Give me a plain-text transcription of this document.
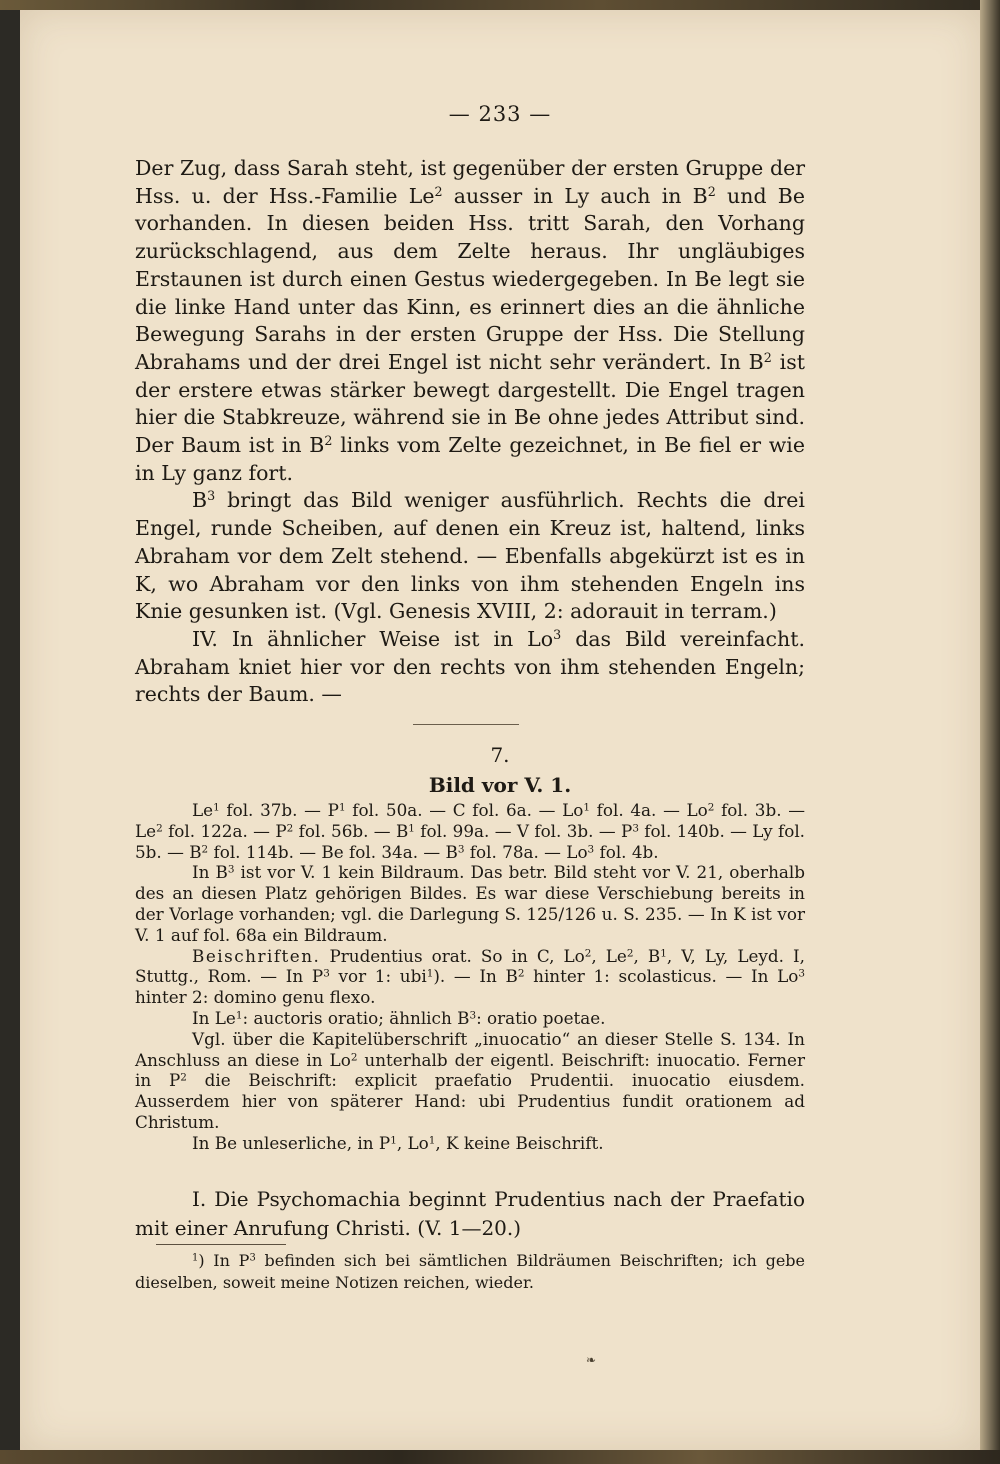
— 233 —

Der Zug, dass Sarah steht, ist gegenüber der ersten Gruppe der Hss. u. der Hss.-Familie Le$^2$ ausser in Ly auch in $B^2$ und Be vorhanden. In diesen beiden Hss. tritt Sarah, den Vorhang zurückschlagend, aus dem Zelte heraus. Ihr ungläubiges Erstaunen ist durch einen Gestus wiedergegeben. In Be legt sie die linke Hand unter das Kinn, es erinnert dies an die ähnliche Bewegung Sarahs in der ersten Gruppe der Hss. Die Stellung Abrahams und der drei Engel ist nicht sehr verändert. In $B^2$ ist der erstere etwas stärker bewegt dargestellt. Die Engel tragen hier die Stabkreuze, während sie in Be ohne jedes Attribut sind. Der Baum ist in $B^2$ links vom Zelte gezeichnet, in Be fiel er wie in Ly ganz fort.

$B^3$ bringt das Bild weniger ausführlich. Rechts die drei Engel, runde Scheiben, auf denen ein Kreuz ist, haltend, links Abraham vor dem Zelt stehend. — Ebenfalls abgekürzt ist es in K, wo Abraham vor den links von ihm stehenden Engeln ins Knie gesunken ist. (Vgl. Genesis XVIII, 2: adorauit in terram.)

IV. In ähnlicher Weise ist in Lo$^3$ das Bild vereinfacht. Abraham kniet hier vor den rechts von ihm stehenden Engeln; rechts der Baum. —

7.
Bild vor V. 1.

Le$^1$ fol. 37b. — $P^1$ fol. 50a. — C fol. 6a. — Lo$^1$ fol. 4a. — Lo$^2$ fol. 3b. — Le$^2$ fol. 122a. — $P^2$ fol. 56b. — $B^1$ fol. 99a. — V fol. 3b. — $P^3$ fol. 140b. — Ly fol. 5b. — $B^2$ fol. 114b. — Be fol. 34a. — $B^3$ fol. 78a. — Lo$^3$ fol. 4b.

In $B^3$ ist vor V. 1 kein Bildraum. Das betr. Bild steht vor V. 21, oberhalb des an diesen Platz gehörigen Bildes. Es war diese Verschiebung bereits in der Vorlage vorhanden; vgl. die Darlegung S. 125/126 u. S. 235. — In K ist vor V. 1 auf fol. 68a ein Bildraum.

Beischriften. Prudentius orat. So in C, Lo$^2$, Le$^2$, $B^1$, V, Ly, Leyd. I, Stuttg., Rom. — In $P^3$ vor 1: ubi$^1$). — In $B^2$ hinter 1: scolasticus. — In Lo$^3$ hinter 2: domino genu flexo.

In Le$^1$: auctoris oratio; ähnlich $B^3$: oratio poetae.

Vgl. über die Kapitelüberschrift „inuocatio“ an dieser Stelle S. 134. In Anschluss an diese in Lo$^2$ unterhalb der eigentl. Beischrift: inuocatio. Ferner in $P^2$ die Beischrift: explicit praefatio Prudentii. inuocatio eiusdem. Ausserdem hier von späterer Hand: ubi Prudentius fundit orationem ad Christum.

In Be unleserliche, in $P^1$, Lo$^1$, K keine Beischrift.

I. Die Psychomachia beginnt Prudentius nach der Praefatio mit einer Anrufung Christi. (V. 1—20.)

$^1$) In $P^3$ befinden sich bei sämtlichen Bildräumen Beischriften; ich gebe dieselben, soweit meine Notizen reichen, wieder.

❧
